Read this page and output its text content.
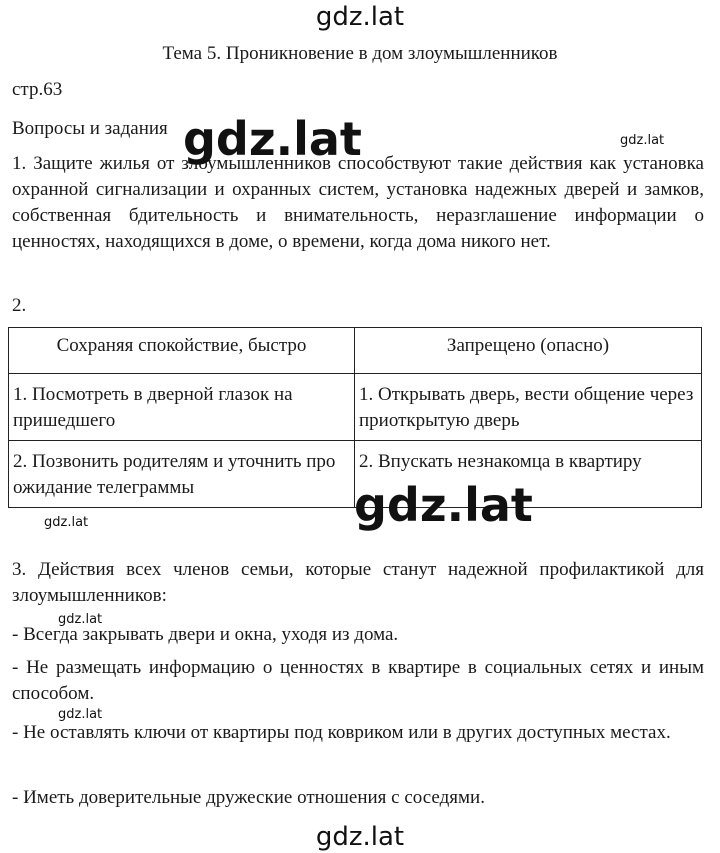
Тема 5. Проникновение в дом злоумышленников
стр.63
Вопросы и задания
1. Защите жилья от злоумышленников способствуют такие действия как установка охранной сигнализации и охранных систем, установка надежных дверей и замков, собственная бдительность и внимательность, неразглашение информации о ценностях, находящихся в доме, о времени, когда дома никого нет.
2.
Сохраняя спокойствие, быстро	Запрещено (опасно)
1. Посмотреть в дверной глазок на пришедшего	1. Открывать дверь, вести общение через приоткрытую дверь
2. Позвонить родителям и уточнить про ожидание телеграммы	2. Впускать незнакомца в квартиру
3. Действия всех членов семьи, которые станут надежной профилактикой для злоумышленников:
- Всегда закрывать двери и окна, уходя из дома.
- Не размещать информацию о ценностях в квартире в социальных сетях и иным способом.
- Не оставлять ключи от квартиры под ковриком или в других доступных местах.
- Иметь доверительные дружеские отношения с соседями.
gdz.lat
gdz.lat
gdz.lat
gdz.lat
gdz.lat
gdz.lat
gdz.lat
gdz.lat
